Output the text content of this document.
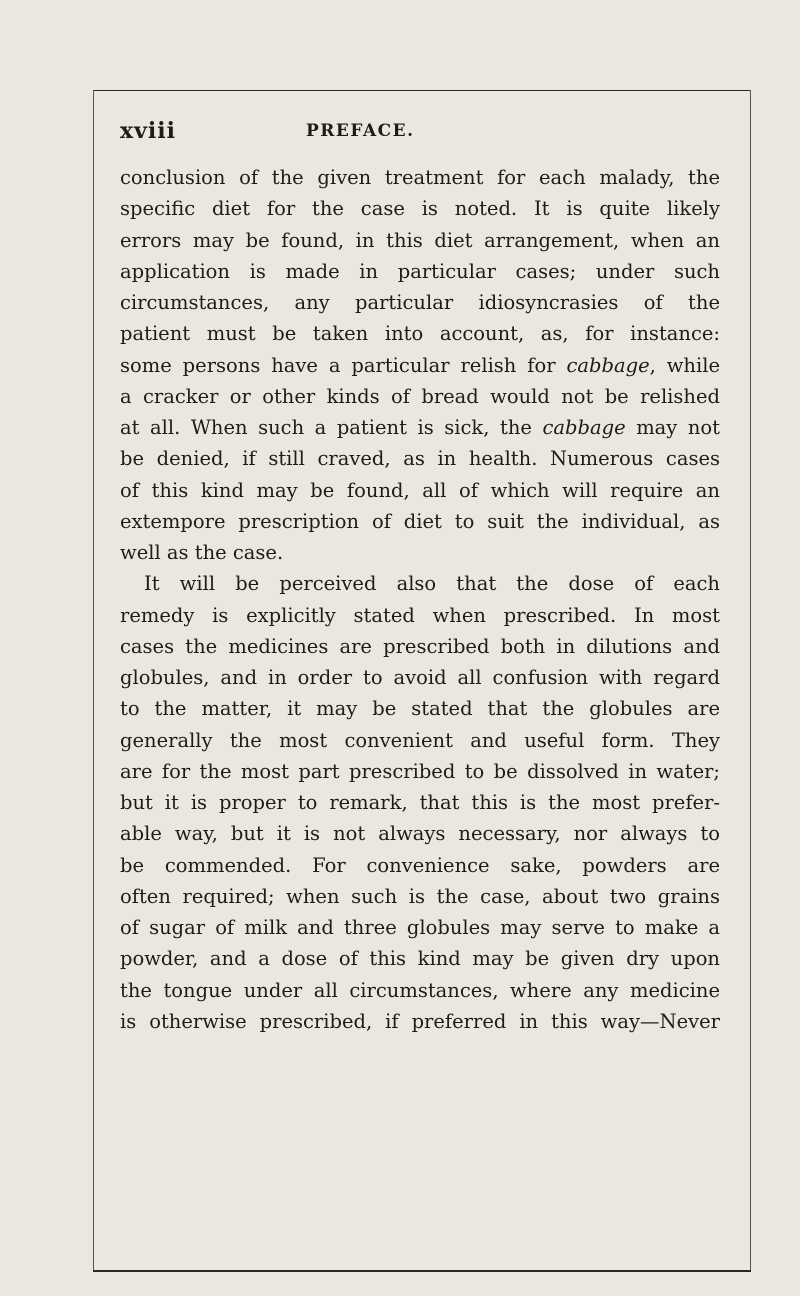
xviii	PREFACE.
conclusion of the given treatment for each malady, the
specific diet for the case is noted. It is quite likely
errors may be found, in this diet arrangement, when an
application is made in particular cases; under such
circumstances, any particular idiosyncrasies of the
patient must be taken into account, as, for instance:
some persons have a particular relish for cabbage, while
a cracker or other kinds of bread would not be relished
at all. When such a patient is sick, the cabbage may not
be denied, if still craved, as in health. Numerous cases
of this kind may be found, all of which will require an
extempore prescription of diet to suit the individual, as
well as the case.
It will be perceived also that the dose of each
remedy is explicitly stated when prescribed. In most
cases the medicines are prescribed both in dilutions and
globules, and in order to avoid all confusion with regard
to the matter, it may be stated that the globules are
generally the most convenient and useful form. They
are for the most part prescribed to be dissolved in water;
but it is proper to remark, that this is the most prefer-
able way, but it is not always necessary, nor always to
be commended. For convenience sake, powders are
often required; when such is the case, about two grains
of sugar of milk and three globules may serve to make a
powder, and a dose of this kind may be given dry upon
the tongue under all circumstances, where any medicine
is otherwise prescribed, if preferred in this way—Never
